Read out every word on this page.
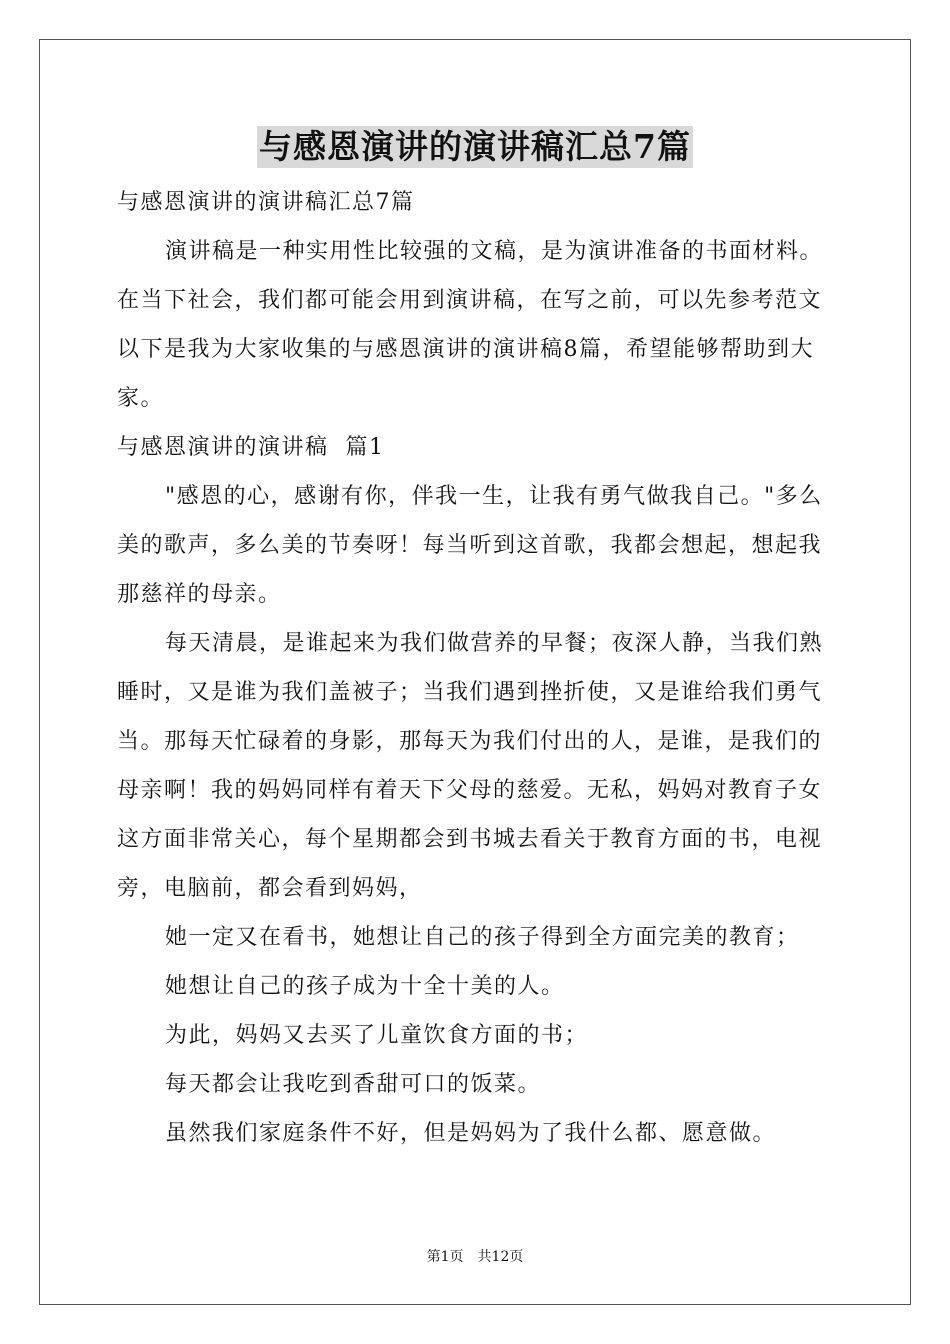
与感恩演讲的演讲稿汇总7篇

与感恩演讲的演讲稿汇总7篇

演讲稿是一种实用性比较强的文稿，是为演讲准备的书面材料。

在当下社会，我们都可能会用到演讲稿，在写之前，可以先参考范文

以下是我为大家收集的与感恩演讲的演讲稿8篇，希望能够帮助到大

家。

与感恩演讲的演讲稿  篇1

"感恩的心，感谢有你，伴我一生，让我有勇气做我自己。"多么

美的歌声，多么美的节奏呀！每当听到这首歌，我都会想起，想起我

那慈祥的母亲。

每天清晨，是谁起来为我们做营养的早餐；夜深人静，当我们熟

睡时，又是谁为我们盖被子；当我们遇到挫折使，又是谁给我们勇气

当。那每天忙碌着的身影，那每天为我们付出的人，是谁，是我们的

母亲啊！我的妈妈同样有着天下父母的慈爱。无私，妈妈对教育子女

这方面非常关心，每个星期都会到书城去看关于教育方面的书，电视

旁，电脑前，都会看到妈妈，

她一定又在看书，她想让自己的孩子得到全方面完美的教育；

她想让自己的孩子成为十全十美的人。

为此，妈妈又去买了儿童饮食方面的书；

每天都会让我吃到香甜可口的饭菜。

虽然我们家庭条件不好，但是妈妈为了我什么都、愿意做。

第1页 共12页
